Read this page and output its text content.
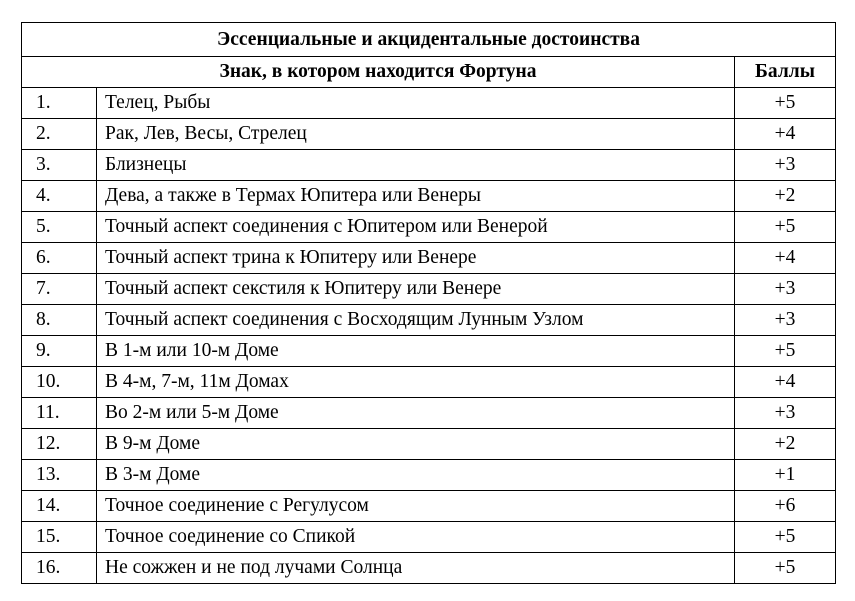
Эссенциальные и акцидентальные достоинства		
Знак, в котором находится Фортуна		Баллы
1.	Телец, Рыбы	+5
2.	Рак, Лев, Весы, Стрелец	+4
3.	Близнецы	+3
4.	Дева, а также в Термах Юпитера или Венеры	+2
5.	Точный аспект соединения с Юпитером или Венерой	+5
6.	Точный аспект трина к Юпитеру или Венере	+4
7.	Точный аспект секстиля к Юпитеру или Венере	+3
8.	Точный аспект соединения с Восходящим Лунным Узлом	+3
9.	В 1-м или 10-м Доме	+5
10.	В 4-м, 7-м, 11м Домах	+4
11.	Во 2-м или 5-м Доме	+3
12.	В 9-м Доме	+2
13.	В 3-м Доме	+1
14.	Точное соединение с Регулусом	+6
15.	Точное соединение со Спикой	+5
16.	Не сожжен и не под лучами Солнца	+5
